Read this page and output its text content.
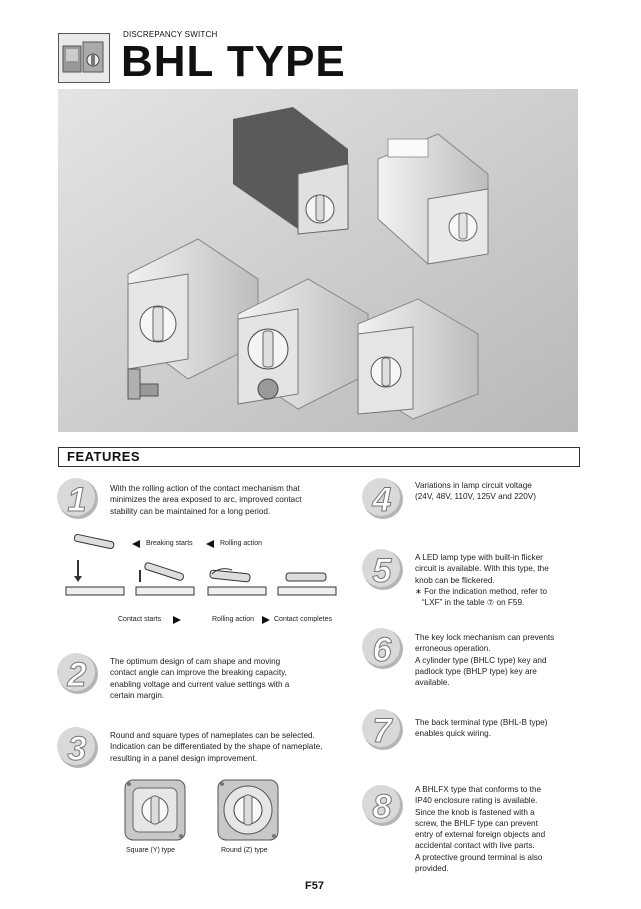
DISCREPANCY SWITCH
BHL TYPE
FEATURES
1	With the rolling action of the contact mechanism that
minimizes the area exposed to arc, improved contact
stability can be maintained for a long period.
Breaking starts	Rolling action
Contact starts	Rolling action	Contact completes
2	The optimum design of cam shape and moving
contact angle can improve the breaking capacity,
enabling voltage and current value settings with a
certain margin.
3	Round and square types of nameplates can be selected.
Indication can be differentiated by the shape of nameplate,
resulting in a panel design improvement.
Square (Y) type	Round (Z) type
4	Variations in lamp circuit voltage
(24V, 48V, 110V, 125V and 220V)
5	A LED lamp type with built-in flicker
circuit is available. With this type, the
knob can be flickered.
∗ For the indication method, refer to
“LXF” in the table ⑦ on F59.
6	The key lock mechanism can prevents
erroneous operation.
A cylinder type (BHLC type) key and
padlock type (BHLP type) key are
available.
7	The back terminal type (BHL-B type)
enables quick wiring.
8	A BHLFX type that conforms to the
IP40 enclosure rating is available.
Since the knob is fastened with a
screw, the BHLF type can prevent
entry of external foreign objects and
accidental contact with live parts.
A protective ground terminal is also
provided.
F57
